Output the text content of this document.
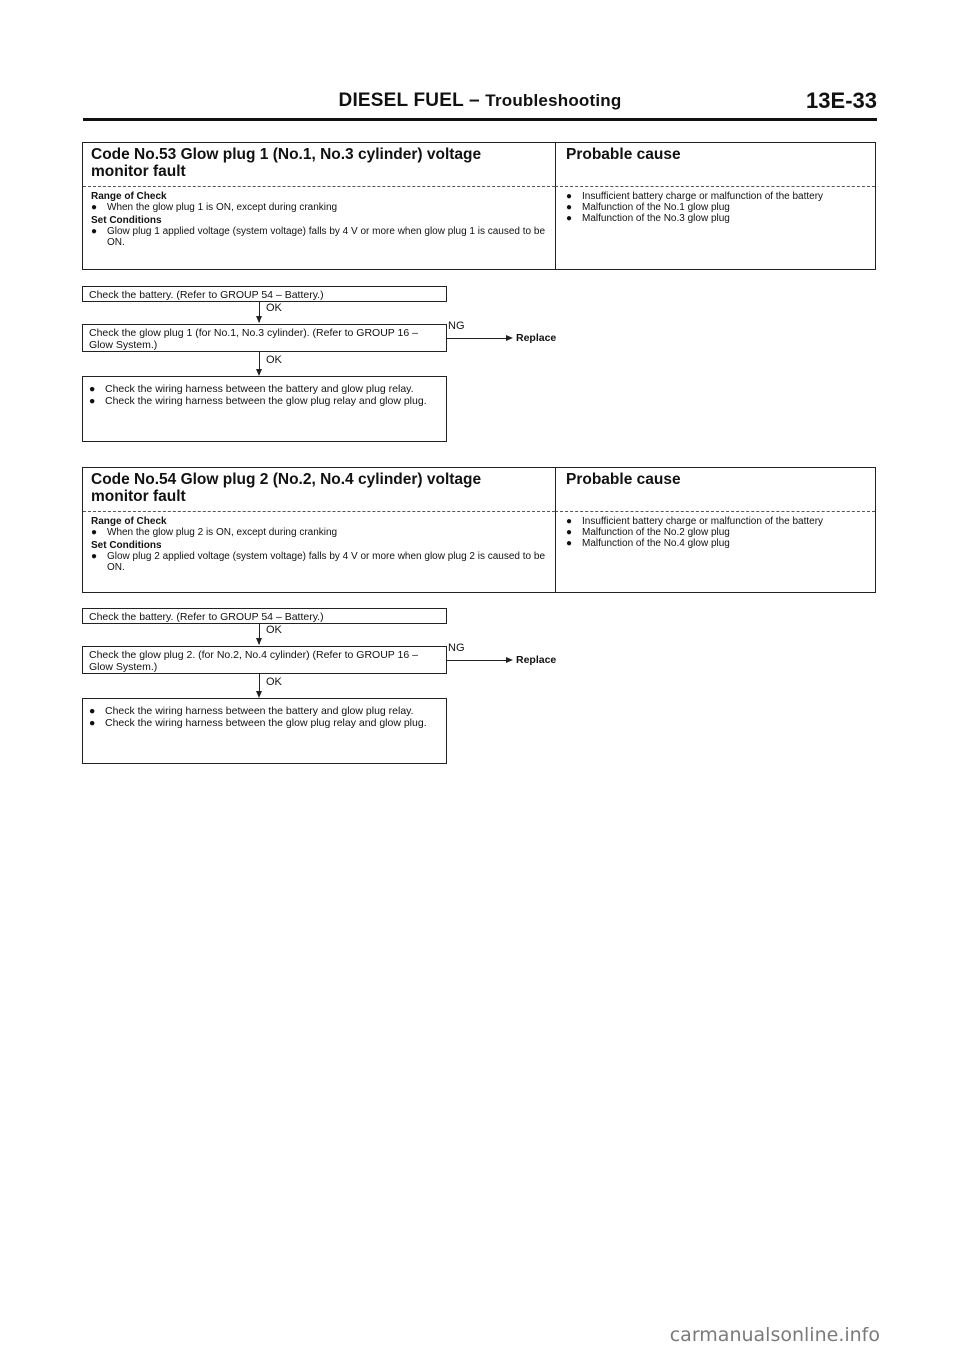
DIESEL FUEL – Troubleshooting	13E-33
Code No.53 Glow plug 1 (No.1, No.3 cylinder) voltage
monitor fault
Probable cause
Range of Check
● When the glow plug 1 is ON, except during cranking
Set Conditions
● Glow plug 1 applied voltage (system voltage) falls by 4 V or more when glow plug 1 is caused to be ON.
● Insufficient battery charge or malfunction of the battery
● Malfunction of the No.1 glow plug
● Malfunction of the No.3 glow plug
Check the battery. (Refer to GROUP 54 – Battery.)
OK
Check the glow plug 1 (for No.1, No.3 cylinder). (Refer to GROUP 16 – Glow System.)
NG
Replace
OK
● Check the wiring harness between the battery and glow plug relay.
● Check the wiring harness between the glow plug relay and glow plug.
Code No.54 Glow plug 2 (No.2, No.4 cylinder) voltage
monitor fault
Probable cause
Range of Check
● When the glow plug 2 is ON, except during cranking
Set Conditions
● Glow plug 2 applied voltage (system voltage) falls by 4 V or more when glow plug 2 is caused to be ON.
● Insufficient battery charge or malfunction of the battery
● Malfunction of the No.2 glow plug
● Malfunction of the No.4 glow plug
Check the battery. (Refer to GROUP 54 – Battery.)
OK
Check the glow plug 2. (for No.2, No.4 cylinder) (Refer to GROUP 16 – Glow System.)
NG
Replace
OK
● Check the wiring harness between the battery and glow plug relay.
● Check the wiring harness between the glow plug relay and glow plug.
carmanualsonline.info
